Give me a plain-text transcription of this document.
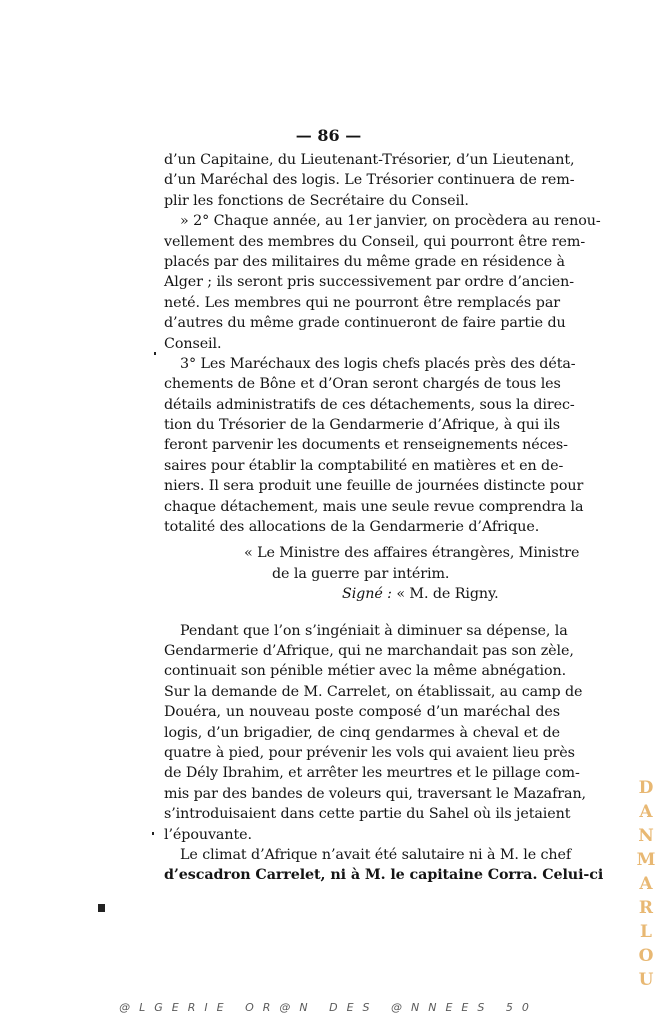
— 86 —
d’un Capitaine, du Lieutenant-Trésorier, d’un Lieutenant,
d’un Maréchal des logis. Le Trésorier continuera de rem-
plir les fonctions de Secrétaire du Conseil.
» 2° Chaque année, au 1er janvier, on procèdera au renou-
vellement des membres du Conseil, qui pourront être rem-
placés par des militaires du même grade en résidence à
Alger ; ils seront pris successivement par ordre d’ancien-
neté. Les membres qui ne pourront être remplacés par
d’autres du même grade continueront de faire partie du
Conseil.
3° Les Maréchaux des logis chefs placés près des déta-
chements de Bône et d’Oran seront chargés de tous les
détails administratifs de ces détachements, sous la direc-
tion du Trésorier de la Gendarmerie d’Afrique, à qui ils
feront parvenir les documents et renseignements néces-
saires pour établir la comptabilité en matières et en de-
niers. Il sera produit une feuille de journées distincte pour
chaque détachement, mais une seule revue comprendra la
totalité des allocations de la Gendarmerie d’Afrique.
« Le Ministre des affaires étrangères, Ministre
de la guerre par intérim.
Signé : « M. de Rigny.
Pendant que l’on s’ingéniait à diminuer sa dépense, la
Gendarmerie d’Afrique, qui ne marchandait pas son zèle,
continuait son pénible métier avec la même abnégation.
Sur la demande de M. Carrelet, on établissait, au camp de
Douéra, un nouveau poste composé d’un maréchal des
logis, d’un brigadier, de cinq gendarmes à cheval et de
quatre à pied, pour prévenir les vols qui avaient lieu près
de Dély Ibrahim, et arrêter les meurtres et le pillage com-
mis par des bandes de voleurs qui, traversant le Mazafran,
s’introduisaient dans cette partie du Sahel où ils jetaient
l’épouvante.
Le climat d’Afrique n’avait été salutaire ni à M. le chef
d’escadron Carrelet, ni à M. le capitaine Corra. Celui-ci
D
A
N
M
A
R
L
O
U
@LGERIE OR@N DES @NNEES 50
